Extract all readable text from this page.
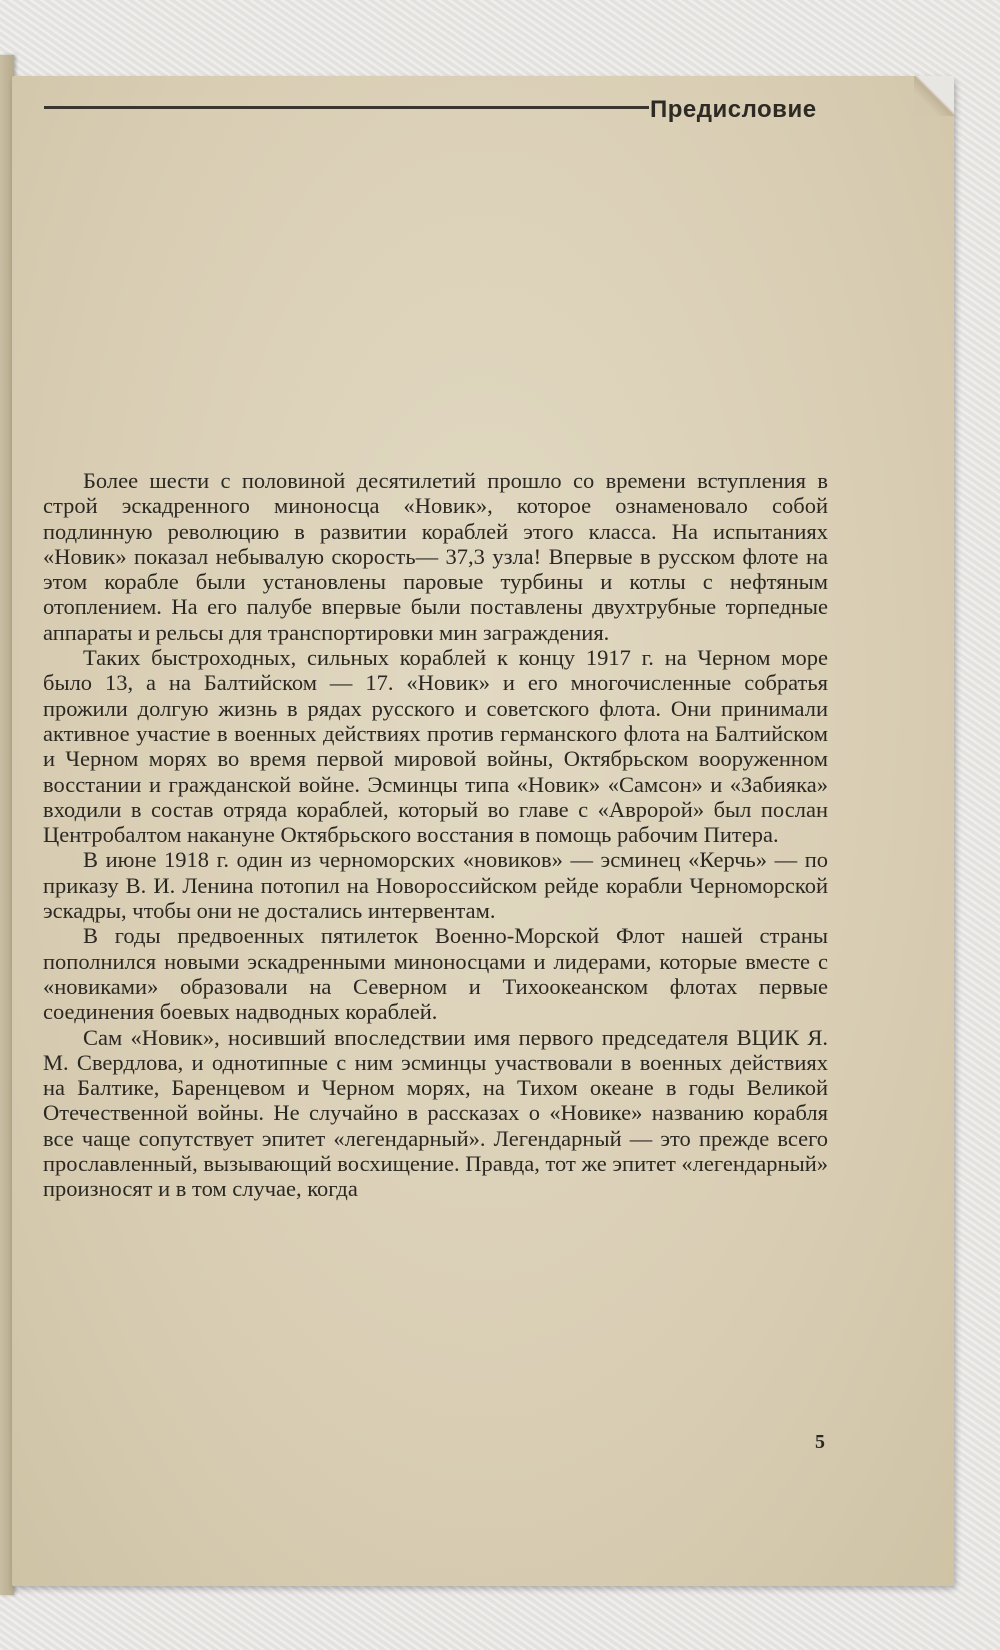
Предисловие

Более шести с половиной десятилетий прошло со времени вступления в строй эскадренного миноносца «Новик», которое ознаменовало собой подлинную революцию в развитии кораблей этого класса. На испытаниях «Новик» показал небывалую скорость— 37,3 узла! Впервые в русском флоте на этом корабле были установлены паровые турбины и котлы с нефтяным отоплением. На его палубе впервые были поставлены двухтрубные торпедные аппараты и рельсы для транспортировки мин заграждения.

Таких быстроходных, сильных кораблей к концу 1917 г. на Черном море было 13, а на Балтийском — 17. «Новик» и его многочисленные собратья прожили долгую жизнь в рядах русского и советского флота. Они принимали активное участие в военных действиях против германского флота на Балтийском и Черном морях во время первой мировой войны, Октябрьском вооруженном восстании и гражданской войне. Эсминцы типа «Новик» «Самсон» и «Забияка» входили в состав отряда кораблей, который во главе с «Авророй» был послан Центробалтом накануне Октябрьского восстания в помощь рабочим Питера.

В июне 1918 г. один из черноморских «новиков» — эсминец «Керчь» — по приказу В. И. Ленина потопил на Новороссийском рейде корабли Черноморской эскадры, чтобы они не достались интервентам.

В годы предвоенных пятилеток Военно-Морской Флот нашей страны пополнился новыми эскадренными миноносцами и лидерами, которые вместе с «новиками» образовали на Северном и Тихоокеанском флотах первые соединения боевых надводных кораблей.

Сам «Новик», носивший впоследствии имя первого председателя ВЦИК Я. М. Свердлова, и однотипные с ним эсминцы участвовали в военных действиях на Балтике, Баренцевом и Черном морях, на Тихом океане в годы Великой Отечественной войны. Не случайно в рассказах о «Новике» названию корабля все чаще сопутствует эпитет «легендарный». Легендарный — это прежде всего прославленный, вызывающий восхищение. Правда, тот же эпитет «легендарный» произносят и в том случае, когда

5
